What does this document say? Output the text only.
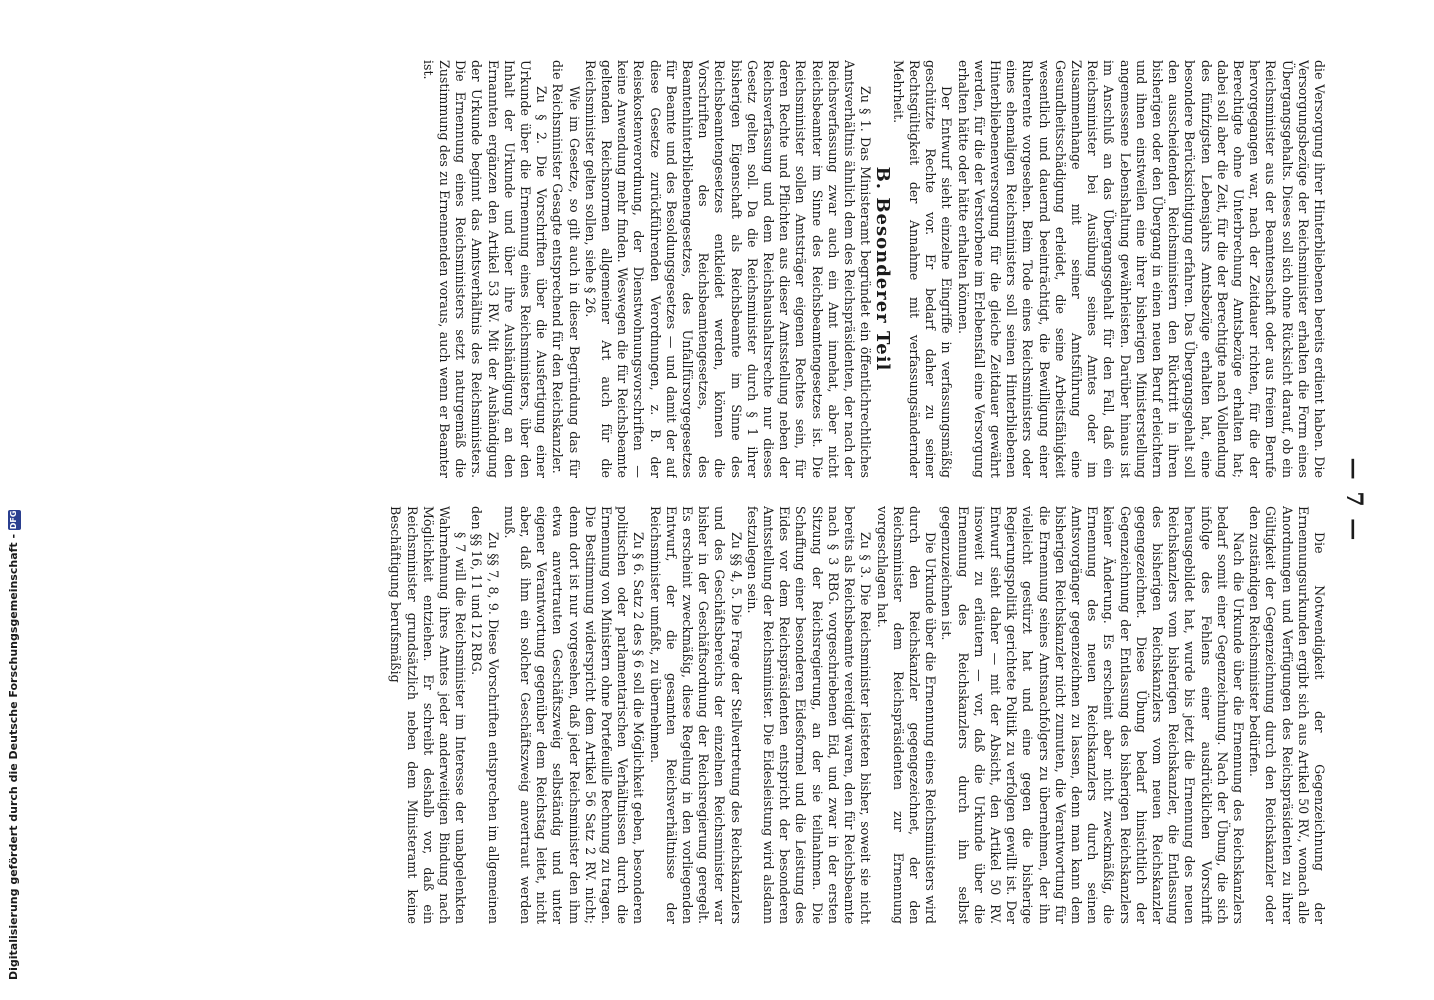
Digitalisierung gefördert durch die Deutsche Forschungsgemeinschaft -
DFG	— 7 —

die Versorgung ihrer Hinterbliebenen bereits erdient haben. Die Versorgungsbezüge der Reichsminister erhalten die Form eines Übergangsgehalts. Dieses soll sich ohne Rücksicht darauf, ob ein Reichsminister aus der Beamtenschaft oder aus freiem Berufe hervorgegangen war, nach der Zeitdauer richten, für die der Berechtigte ohne Unterbrechung Amtsbezüge erhalten hat; dabei soll aber die Zeit, für die der Berechtigte nach Vollendung des fünfzigsten Lebensjahrs Amtsbezüge erhalten hat, eine besondere Berücksichtigung erfahren. Das Übergangsgehalt soll den ausscheidenden Reichsministern den Rücktritt in ihren bisherigen oder den Übergang in einen neuen Beruf erleichtern und ihnen einstweilen eine ihrer bisherigen Ministerstellung angemessene Lebenshaltung gewährleisten. Darüber hinaus ist im Anschluß an das Übergangsgehalt für den Fall, daß ein Reichsminister bei Ausübung seines Amtes oder im Zusammenhange mit seiner Amtsführung eine Gesundheitsschädigung erleidet, die seine Arbeitsfähigkeit wesentlich und dauernd beeinträchtigt, die Bewilligung einer Ruherente vorgesehen. Beim Tode eines Reichsministers oder eines ehemaligen Reichsministers soll seinen Hinterbliebenen Hinterbliebenenversorgung für die gleiche Zeitdauer gewährt werden, für die der Verstorbene im Erlebensfall eine Versorgung erhalten hätte oder hätte erhalten können.

Der Entwurf sieht einzelne Eingriffe in verfassungsmäßig geschützte Rechte vor. Er bedarf daher zu seiner Rechtsgültigkeit der Annahme mit verfassungsändernder Mehrheit.

B. Besonderer Teil

Zu § 1. Das Ministeramt begründet ein öffentlichrechtliches Amtsverhältnis ähnlich dem des Reichspräsidenten, der nach der Reichsverfassung zwar auch ein Amt innehat, aber nicht Reichsbeamter im Sinne des Reichsbeamtengesetzes ist. Die Reichsminister sollen Amtsträger eigenen Rechtes sein, für deren Rechte und Pflichten aus dieser Amtsstellung neben der Reichsverfassung und dem Reichshaushaltsrechte nur dieses Gesetz gelten soll. Da die Reichsminister durch § 1 ihrer bisherigen Eigenschaft als Reichsbeamte im Sinne des Reichsbeamtengesetzes entkleidet werden, können die Vorschriften des Reichsbeamtengesetzes, des Beamtenhinterbliebenengesetzes, des Unfallfürsorgegesetzes für Beamte und des Besoldungsgesetzes — und damit der auf diese Gesetze zurückführenden Verordnungen, z. B. der Reisekostenverordnung, der Dienstwohnungsvorschriften — keine Anwendung mehr finden. Weswegen die für Reichsbeamte geltenden Reichsnormen allgemeiner Art auch für die Reichsminister gelten sollen, siehe § 26.

Wie im Gesetze, so gilt auch in dieser Begründung das für die Reichsminister Gesagte entsprechend für den Reichskanzler.

Zu § 2. Die Vorschriften über die Ausfertigung einer Urkunde über die Ernennung eines Reichsministers, über den Inhalt der Urkunde und über ihre Aushändigung an den Ernannten ergänzen den Artikel 53 RV. Mit der Aushändigung der Urkunde beginnt das Amtsverhältnis des Reichsministers. Die Ernennung eines Reichsministers setzt naturgemäß die Zustimmung des zu Ernennenden voraus, auch wenn er Beamter ist.

Die Notwendigkeit der Gegenzeichnung der Ernennungsurkunden ergibt sich aus Artikel 50 RV., wonach alle Anordnungen und Verfügungen des Reichspräsidenten zu ihrer Gültigkeit der Gegenzeichnung durch den Reichskanzler oder den zuständigen Reichsminister bedürfen.

Nach die Urkunde über die Ernennung des Reichskanzlers bedarf somit einer Gegenzeichnung. Nach der Übung, die sich infolge des Fehlens einer ausdrücklichen Vorschrift herausgebildet hat, wurde bis jetzt die Ernennung des neuen Reichskanzlers vom bisherigen Reichskanzler, die Entlassung des bisherigen Reichskanzlers vom neuen Reichskanzler gegengezeichnet. Diese Übung bedarf hinsichtlich der Gegenzeichnung der Entlassung des bisherigen Reichskanzlers keiner Änderung. Es erscheint aber nicht zweckmäßig, die Ernennung des neuen Reichskanzlers durch seinen Amtsvorgänger gegenzeichnen zu lassen, denn man kann dem bisherigen Reichskanzler nicht zumuten, die Verantwortung für die Ernennung seines Amtsnachfolgers zu übernehmen, der ihn vielleicht gestürzt hat und eine gegen die bisherige Regierungspolitik gerichtete Politik zu verfolgen gewillt ist. Der Entwurf sieht daher — mit der Absicht, den Artikel 50 RV. insoweit zu erläutern — vor, daß die Urkunde über die Ernennung des Reichskanzlers durch ihn selbst gegenzuzeichnen ist.

Die Urkunde über die Ernennung eines Reichsministers wird durch den Reichskanzler gegengezeichnet, der den Reichsminister dem Reichspräsidenten zur Ernennung vorgeschlagen hat.

Zu § 3. Die Reichsminister leisteten bisher, soweit sie nicht bereits als Reichsbeamte vereidigt waren, den für Reichsbeamte nach § 3 RBG. vorgeschriebenen Eid, und zwar in der ersten Sitzung der Reichsregierung, an der sie teilnahmen. Die Schaffung einer besonderen Eidesformel und die Leistung des Eides vor dem Reichspräsidenten entspricht der besonderen Amtsstellung der Reichsminister. Die Eidesleistung wird alsdann festzulegen sein.

Zu §§ 4, 5. Die Frage der Stellvertretung des Reichskanzlers und des Geschäftsbereichs der einzelnen Reichsminister war bisher in der Geschäftsordnung der Reichsregierung geregelt. Es erscheint zweckmäßig, diese Regelung in den vorliegenden Entwurf, der die gesamten Reichsverhältnisse der Reichsminister umfaßt, zu übernehmen.

Zu § 6. Satz 2 des § 6 soll die Möglichkeit geben, besonderen politischen oder parlamentarischen Verhältnissen durch die Ernennung von Ministern ohne Portefeuille Rechnung zu tragen. Die Bestimmung widerspricht dem Artikel 56 Satz 2 RV. nicht; denn dort ist nur vorgesehen, daß jeder Reichsminister den ihm etwa anvertrauten Geschäftszweig selbständig und unter eigener Verantwortung gegenüber dem Reichstag leitet, nicht aber, daß ihm ein solcher Geschäftszweig anvertraut werden muß.

Zu §§ 7, 8, 9. Diese Vorschriften entsprechen im allgemeinen den §§ 16, 11 und 12 RBG.

§ 7 will die Reichsminister im Interesse der unabgelenkten Wahrnehmung ihres Amtes jeder anderweitigen Bindung nach Möglichkeit entziehen. Er schreibt deshalb vor, daß ein Reichsminister grundsätzlich neben dem Ministeramt keine Beschäftigung berufsmäßig
